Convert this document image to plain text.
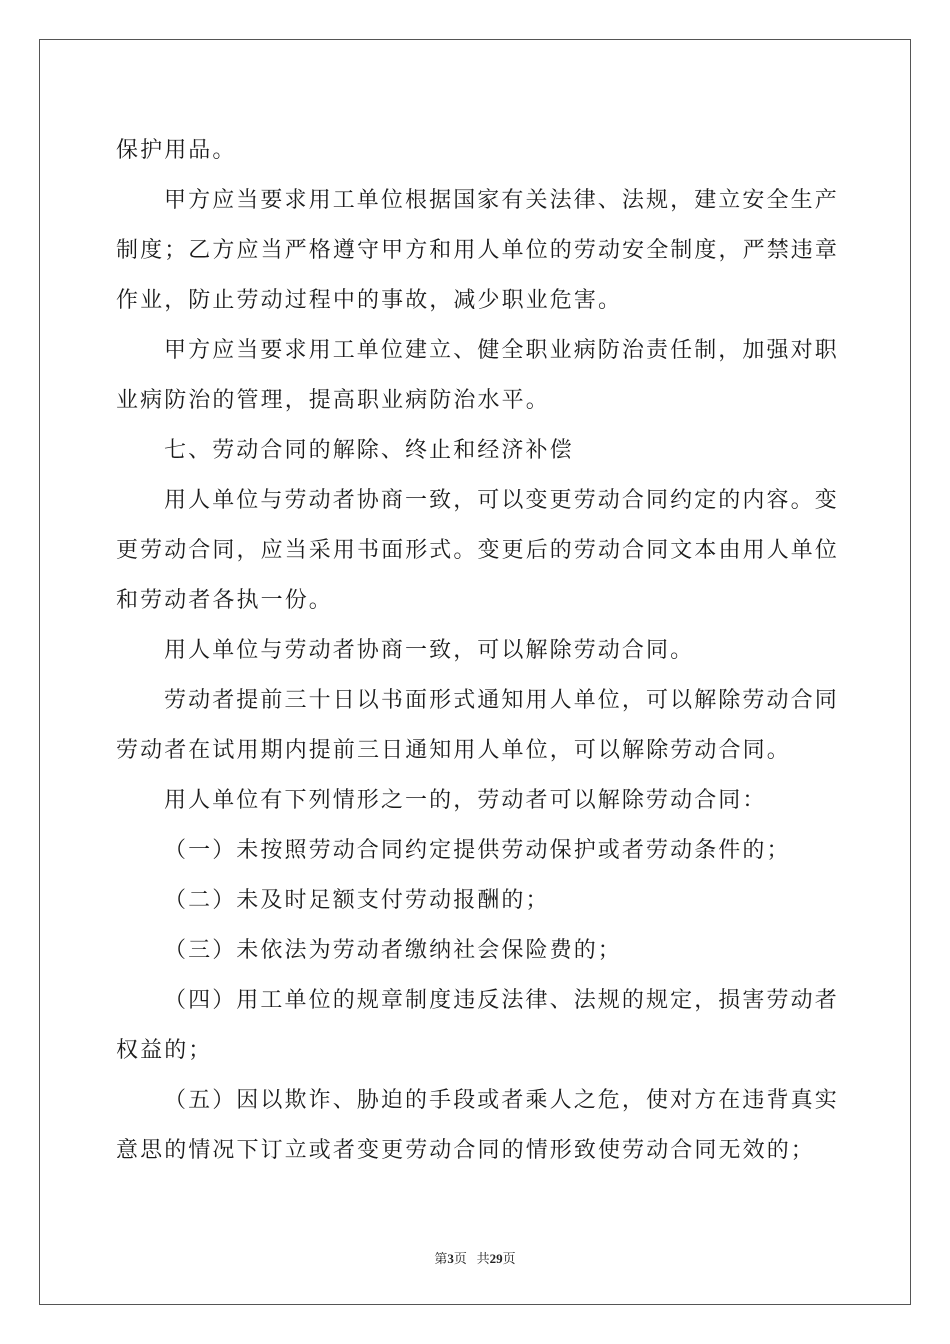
保护用品。
甲方应当要求用工单位根据国家有关法律、法规，建立安全生产
制度；乙方应当严格遵守甲方和用人单位的劳动安全制度，严禁违章
作业，防止劳动过程中的事故，减少职业危害。
甲方应当要求用工单位建立、健全职业病防治责任制，加强对职
业病防治的管理，提高职业病防治水平。
七、劳动合同的解除、终止和经济补偿
用人单位与劳动者协商一致，可以变更劳动合同约定的内容。变
更劳动合同，应当采用书面形式。变更后的劳动合同文本由用人单位
和劳动者各执一份。
用人单位与劳动者协商一致，可以解除劳动合同。
劳动者提前三十日以书面形式通知用人单位，可以解除劳动合同
劳动者在试用期内提前三日通知用人单位，可以解除劳动合同。
用人单位有下列情形之一的，劳动者可以解除劳动合同：
（一）未按照劳动合同约定提供劳动保护或者劳动条件的；
（二）未及时足额支付劳动报酬的；
（三）未依法为劳动者缴纳社会保险费的；
（四）用工单位的规章制度违反法律、法规的规定，损害劳动者
权益的；
（五）因以欺诈、胁迫的手段或者乘人之危，使对方在违背真实
意思的情况下订立或者变更劳动合同的情形致使劳动合同无效的；
第3页 共29页
